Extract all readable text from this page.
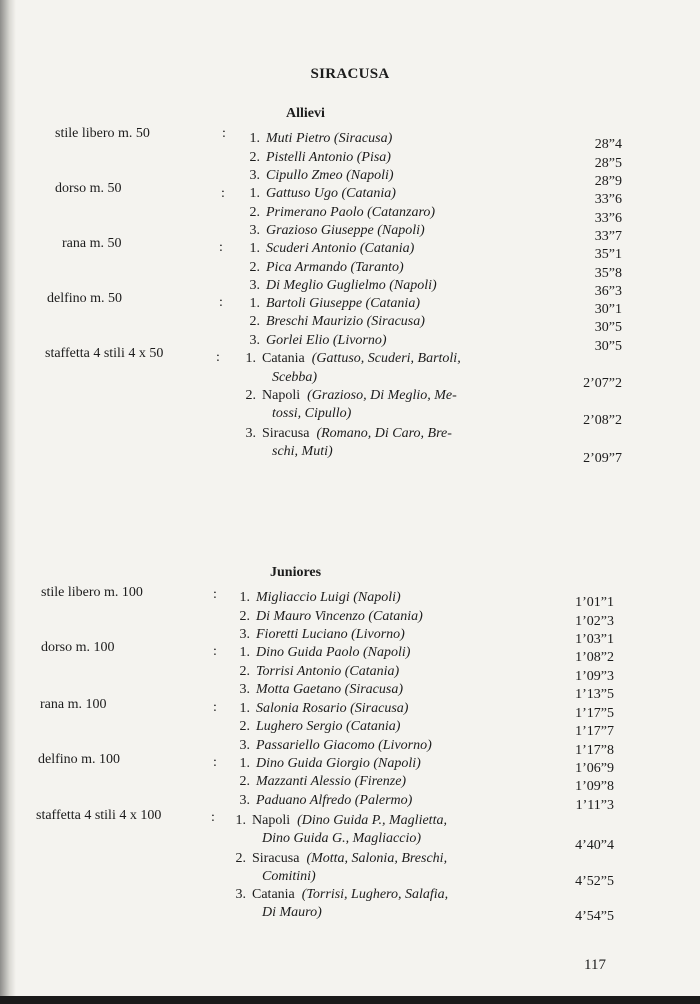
SIRACUSA
Allievi
stile libero m. 50	:	1. Muti Pietro (Siracusa)	28”4
2. Pistelli Antonio (Pisa)	28”5
3. Cipullo Zmeo (Napoli)	28”9
dorso m. 50	:	1. Gattuso Ugo (Catania)	33”6
2. Primerano Paolo (Catanzaro)	33”6
3. Grazioso Giuseppe (Napoli)	33”7
rana m. 50	:	1. Scuderi Antonio (Catania)	35”1
2. Pica Armando (Taranto)	35”8
3. Di Meglio Guglielmo (Napoli)	36”3
delfino m. 50	:	1. Bartoli Giuseppe (Catania)	30”1
2. Breschi Maurizio (Siracusa)	30”5
3. Gorlei Elio (Livorno)	30”5
staffetta 4 stili 4 x 50	:	1. Catania (Gattuso, Scuderi, Bartoli,
Scebba)	2’07”2
2. Napoli (Grazioso, Di Meglio, Me-
tossi, Cipullo)	2’08”2
3. Siracusa (Romano, Di Caro, Bre-
schi, Muti)	2’09”7
Juniores
stile libero m. 100	:	1. Migliaccio Luigi (Napoli)	1’01”1
2. Di Mauro Vincenzo (Catania)	1’02”3
3. Fioretti Luciano (Livorno)	1’03”1
dorso m. 100	:	1. Dino Guida Paolo (Napoli)	1’08”2
2. Torrisi Antonio (Catania)	1’09”3
3. Motta Gaetano (Siracusa)	1’13”5
rana m. 100	:	1. Salonia Rosario (Siracusa)	1’17”5
2. Lughero Sergio (Catania)	1’17”7
3. Passariello Giacomo (Livorno)	1’17”8
delfino m. 100	:	1. Dino Guida Giorgio (Napoli)	1’06”9
2. Mazzanti Alessio (Firenze)	1’09”8
3. Paduano Alfredo (Palermo)	1’11”3
staffetta 4 stili 4 x 100	:	1. Napoli (Dino Guida P., Maglietta,
Dino Guida G., Magliaccio)	4’40”4
2. Siracusa (Motta, Salonia, Breschi,
Comitini)	4’52”5
3. Catania (Torrisi, Lughero, Salafia,
Di Mauro)	4’54”5
117
